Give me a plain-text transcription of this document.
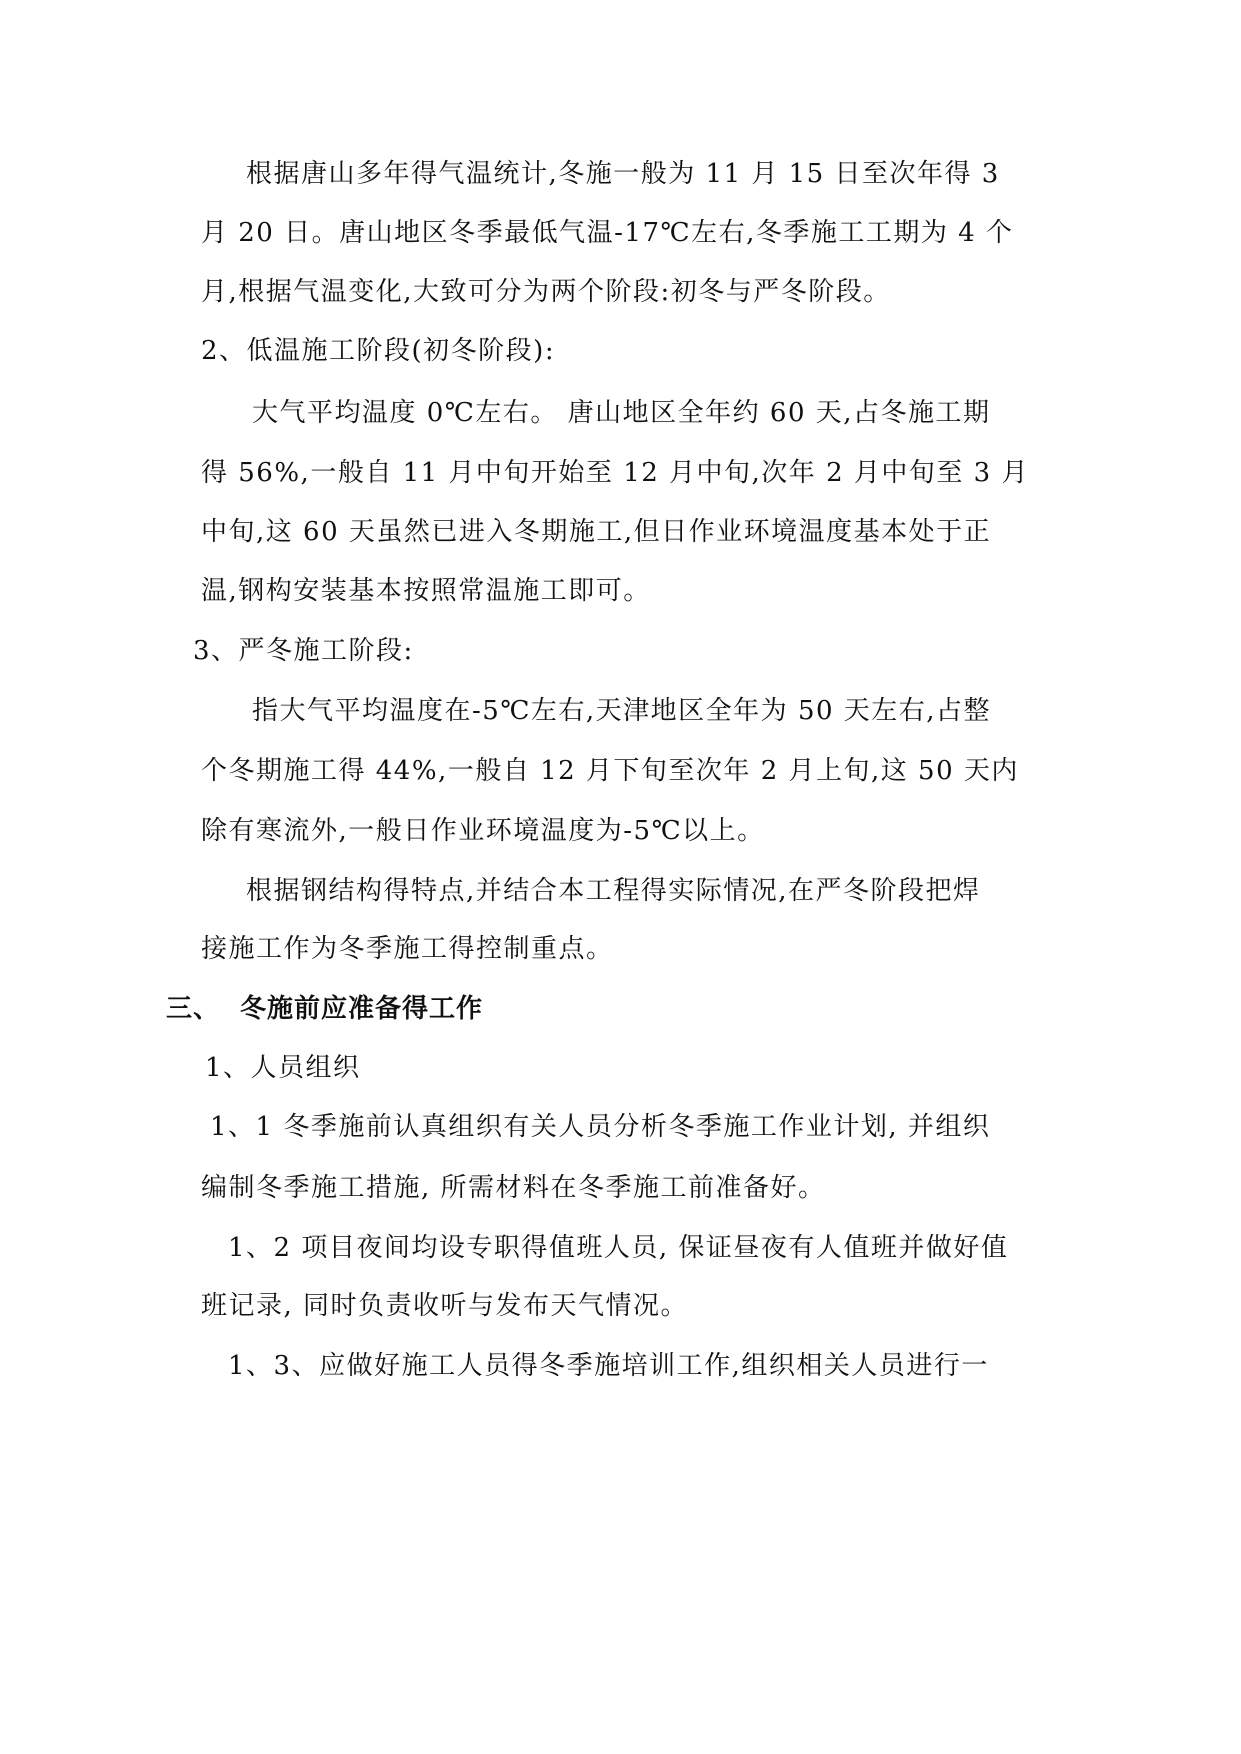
根据唐山多年得气温统计,冬施一般为 11 月 15 日至次年得 3

月 20 日。唐山地区冬季最低气温-17℃左右,冬季施工工期为 4 个

月,根据气温变化,大致可分为两个阶段:初冬与严冬阶段。

2、低温施工阶段(初冬阶段):

大气平均温度 0℃左右。 唐山地区全年约 60 天,占冬施工期

得 56%,一般自 11 月中旬开始至 12 月中旬,次年 2 月中旬至 3 月

中旬,这 60 天虽然已进入冬期施工,但日作业环境温度基本处于正

温,钢构安装基本按照常温施工即可。

3、严冬施工阶段:

指大气平均温度在-5℃左右,天津地区全年为 50 天左右,占整

个冬期施工得 44%,一般自 12 月下旬至次年 2 月上旬,这 50 天内

除有寒流外,一般日作业环境温度为-5℃以上。

根据钢结构得特点,并结合本工程得实际情况,在严冬阶段把焊

接施工作为冬季施工得控制重点。

三、 冬施前应准备得工作

1、人员组织

1、1 冬季施前认真组织有关人员分析冬季施工作业计划, 并组织

编制冬季施工措施, 所需材料在冬季施工前准备好。

1、2 项目夜间均设专职得值班人员, 保证昼夜有人值班并做好值

班记录, 同时负责收听与发布天气情况。

1、3、应做好施工人员得冬季施培训工作,组织相关人员进行一
